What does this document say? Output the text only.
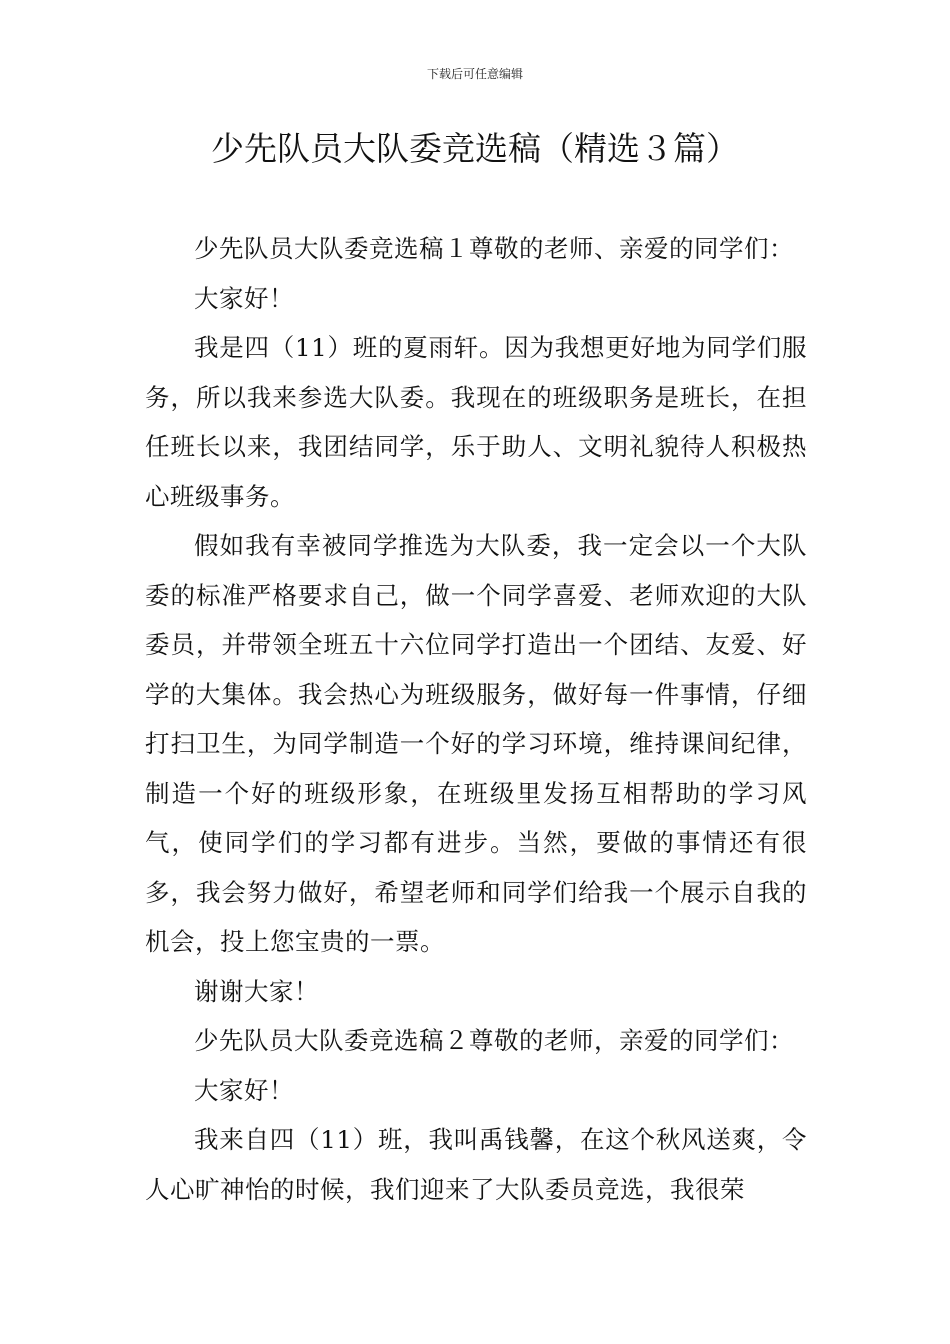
下载后可任意编辑
少先队员大队委竞选稿（精选３篇）

少先队员大队委竞选稿１尊敬的老师、亲爱的同学们：

大家好！

我是四（11）班的夏雨轩。因为我想更好地为同学们服务，所以我来参选大队委。我现在的班级职务是班长，在担任班长以来，我团结同学，乐于助人、文明礼貌待人积极热心班级事务。

假如我有幸被同学推选为大队委，我一定会以一个大队委的标准严格要求自己，做一个同学喜爱、老师欢迎的大队委员，并带领全班五十六位同学打造出一个团结、友爱、好学的大集体。我会热心为班级服务，做好每一件事情，仔细打扫卫生，为同学制造一个好的学习环境，维持课间纪律，制造一个好的班级形象，在班级里发扬互相帮助的学习风气，使同学们的学习都有进步。当然，要做的事情还有很多，我会努力做好，希望老师和同学们给我一个展示自我的机会，投上您宝贵的一票。

谢谢大家！

少先队员大队委竞选稿２尊敬的老师，亲爱的同学们：

大家好！

我来自四（11）班，我叫禹钱馨，在这个秋风送爽，令人心旷神怡的时候，我们迎来了大队委员竞选，我很荣
